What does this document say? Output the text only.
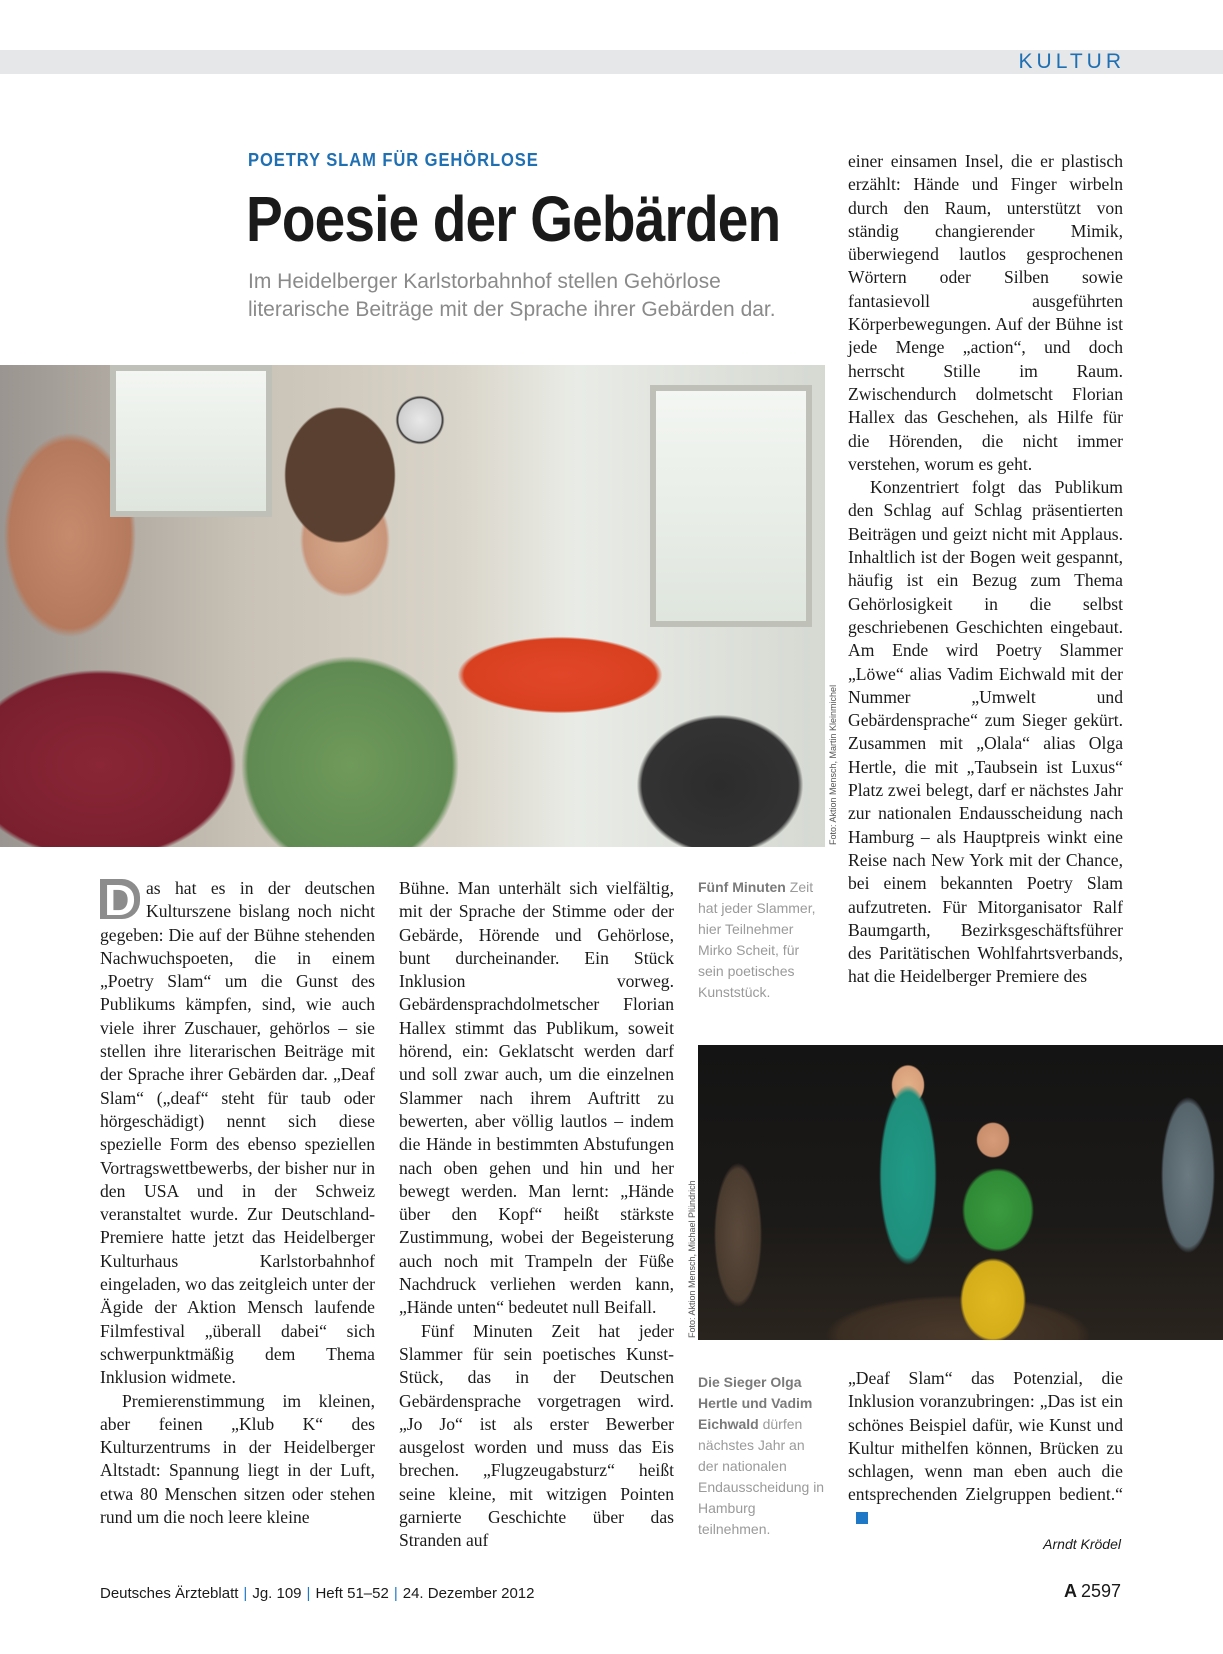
KULTUR
POETRY SLAM FÜR GEHÖRLOSE
Poesie der Gebärden
Im Heidelberger Karlstorbahnhof stellen Gehörlose literarische Beiträge mit der Sprache ihrer Gebärden dar.
Foto: Aktion Mensch, Martin Kleinmichel
Fünf Minuten Zeit hat jeder Slammer, hier Teilnehmer Mirko Scheit, für sein poetisches Kunststück.
Foto: Aktion Mensch, Michael Plündrich
Die Sieger Olga Hertle und Vadim Eichwald dürfen nächstes Jahr an der nationalen Endausscheidung in Hamburg teilnehmen.

D as hat es in der deutschen Kulturszene bislang noch nicht gegeben: Die auf der Bühne stehenden Nachwuchspoeten, die in einem „Poetry Slam“ um die Gunst des Publikums kämpfen, sind, wie auch viele ihrer Zuschauer, gehörlos – sie stellen ihre literarischen Beiträge mit der Sprache ihrer Gebärden dar. „Deaf Slam“ („deaf“ steht für taub oder hörgeschädigt) nennt sich diese spezielle Form des ebenso speziellen Vortragswettbewerbs, der bisher nur in den USA und in der Schweiz veranstaltet wurde. Zur Deutschland-Premiere hatte jetzt das Heidelberger Kulturhaus Karlstorbahnhof eingeladen, wo das zeitgleich unter der Ägide der Aktion Mensch laufende Filmfestival „überall dabei“ sich schwerpunktmäßig dem Thema Inklusion widmete.

Premierenstimmung im kleinen, aber feinen „Klub K“ des Kulturzentrums in der Heidelberger Altstadt: Spannung liegt in der Luft, etwa 80 Menschen sitzen oder stehen rund um die noch leere kleine

Bühne. Man unterhält sich vielfältig, mit der Sprache der Stimme oder der Gebärde, Hörende und Gehörlose, bunt durcheinander. Ein Stück Inklusion vorweg. Gebärdensprachdolmetscher Florian Hallex stimmt das Publikum, soweit hörend, ein: Geklatscht werden darf und soll zwar auch, um die einzelnen Slammer nach ihrem Auftritt zu bewerten, aber völlig lautlos – indem die Hände in bestimmten Abstufungen nach oben gehen und hin und her bewegt werden. Man lernt: „Hände über den Kopf“ heißt stärkste Zustimmung, wobei der Begeisterung auch noch mit Trampeln der Füße Nachdruck verliehen werden kann, „Hände unten“ bedeutet null Beifall.

Fünf Minuten Zeit hat jeder Slammer für sein poetisches Kunst-Stück, das in der Deutschen Gebärdensprache vorgetragen wird. „Jo Jo“ ist als erster Bewerber ausgelost worden und muss das Eis brechen. „Flugzeugabsturz“ heißt seine kleine, mit witzigen Pointen garnierte Geschichte über das Stranden auf

einer einsamen Insel, die er plastisch erzählt: Hände und Finger wirbeln durch den Raum, unterstützt von ständig changierender Mimik, überwiegend lautlos gesprochenen Wörtern oder Silben sowie fantasievoll ausgeführten Körperbewegungen. Auf der Bühne ist jede Menge „action“, und doch herrscht Stille im Raum. Zwischendurch dolmetscht Florian Hallex das Geschehen, als Hilfe für die Hörenden, die nicht immer verstehen, worum es geht.

Konzentriert folgt das Publikum den Schlag auf Schlag präsentierten Beiträgen und geizt nicht mit Applaus. Inhaltlich ist der Bogen weit gespannt, häufig ist ein Bezug zum Thema Gehörlosigkeit in die selbst geschriebenen Geschichten eingebaut. Am Ende wird Poetry Slammer „Löwe“ alias Vadim Eichwald mit der Nummer „Umwelt und Gebärdensprache“ zum Sieger gekürt. Zusammen mit „Olala“ alias Olga Hertle, die mit „Taubsein ist Luxus“ Platz zwei belegt, darf er nächstes Jahr zur nationalen Endausscheidung nach Hamburg – als Hauptpreis winkt eine Reise nach New York mit der Chance, bei einem bekannten Poetry Slam aufzutreten. Für Mitorganisator Ralf Baumgarth, Bezirksgeschäftsführer des Paritätischen Wohlfahrtsverbands, hat die Heidelberger Premiere des

„Deaf Slam“ das Potenzial, die Inklusion voranzubringen: „Das ist ein schönes Beispiel dafür, wie Kunst und Kultur mithelfen können, Brücken zu schlagen, wenn man eben auch die entsprechenden Zielgruppen bedient.“

Arndt Krödel
Deutsches Ärzteblatt | Jg. 109 | Heft 51–52 | 24. Dezember 2012	A 2597
